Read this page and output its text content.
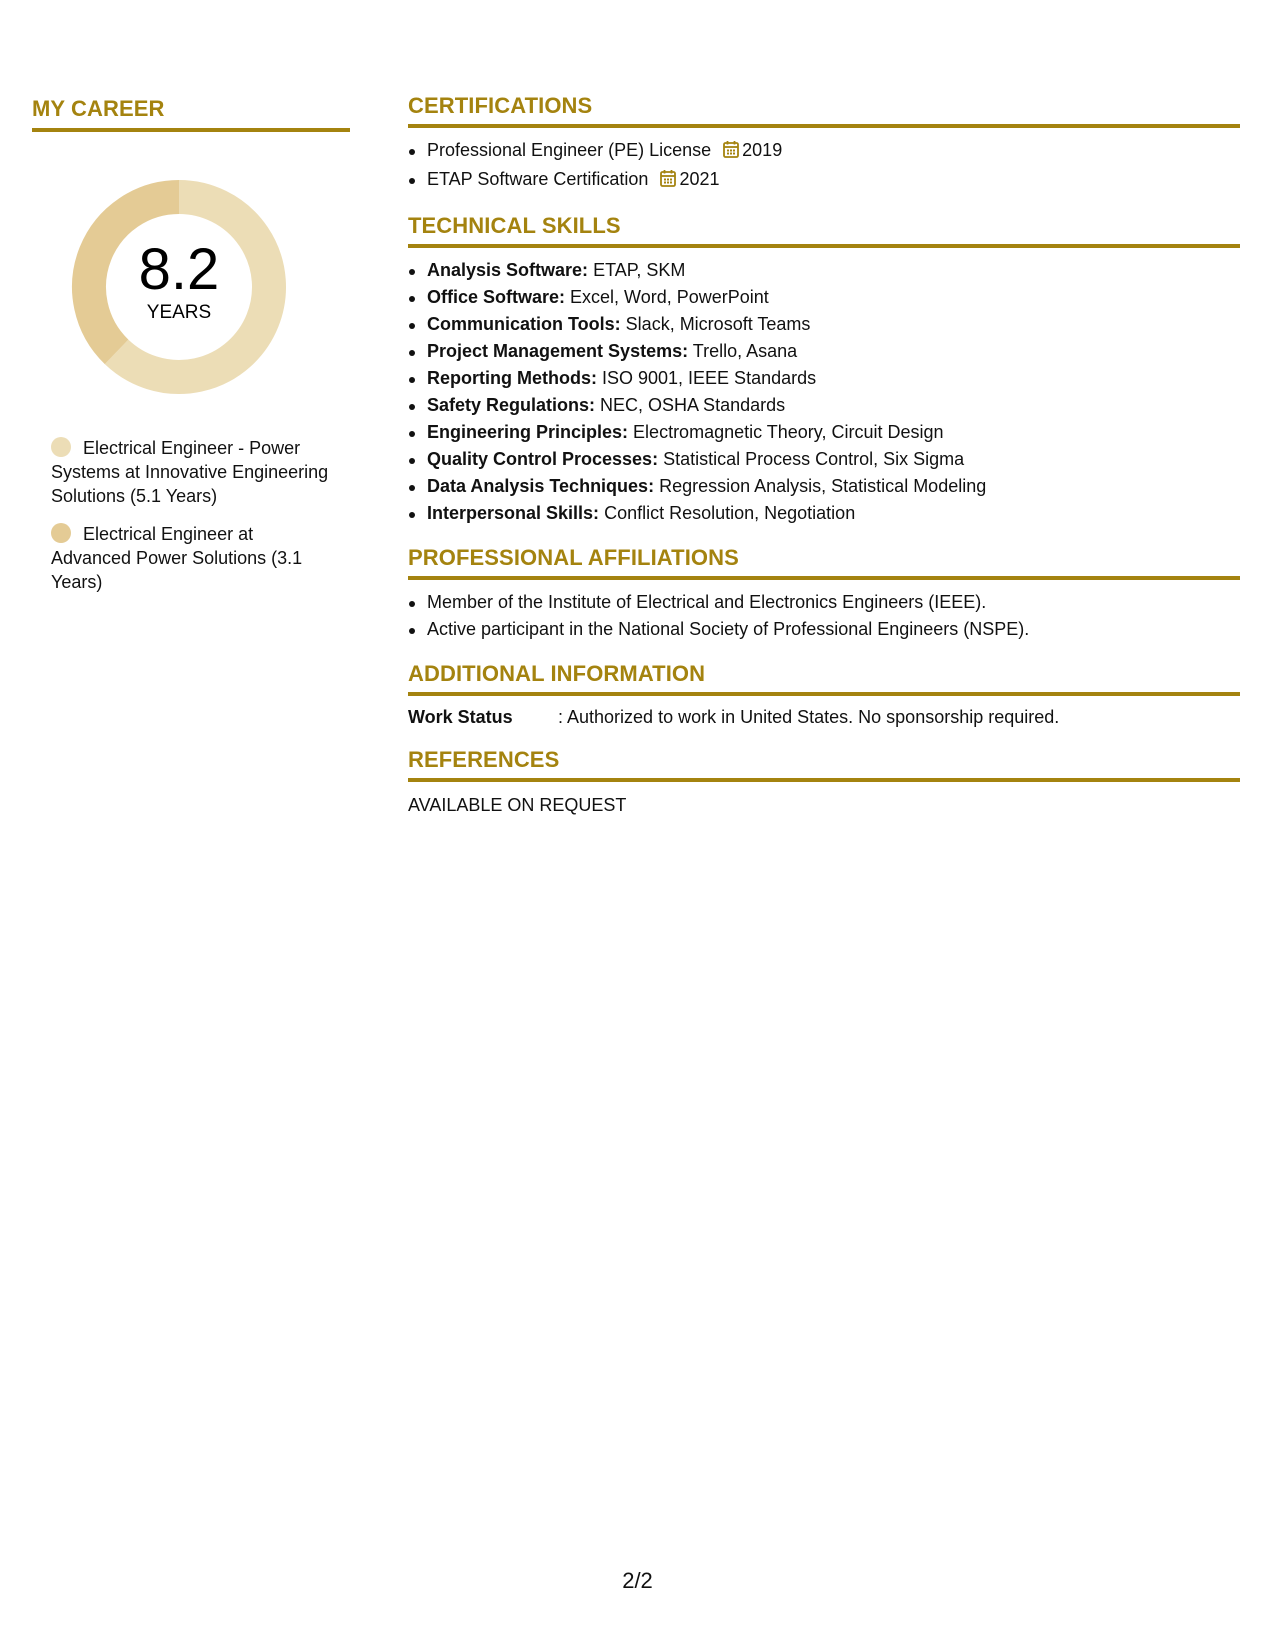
MY CAREER
8.2
YEARS
Electrical Engineer - Power Systems at Innovative Engineering Solutions (5.1 Years)
Electrical Engineer at Advanced Power Solutions (3.1 Years)
CERTIFICATIONS
Professional Engineer (PE) License 2019
ETAP Software Certification 2021
TECHNICAL SKILLS
Analysis Software: ETAP, SKM
Office Software: Excel, Word, PowerPoint
Communication Tools: Slack, Microsoft Teams
Project Management Systems: Trello, Asana
Reporting Methods: ISO 9001, IEEE Standards
Safety Regulations: NEC, OSHA Standards
Engineering Principles: Electromagnetic Theory, Circuit Design
Quality Control Processes: Statistical Process Control, Six Sigma
Data Analysis Techniques: Regression Analysis, Statistical Modeling
Interpersonal Skills: Conflict Resolution, Negotiation
PROFESSIONAL AFFILIATIONS
Member of the Institute of Electrical and Electronics Engineers (IEEE).
Active participant in the National Society of Professional Engineers (NSPE).
ADDITIONAL INFORMATION
Work Status	: Authorized to work in United States. No sponsorship required.
REFERENCES
AVAILABLE ON REQUEST
2/2
